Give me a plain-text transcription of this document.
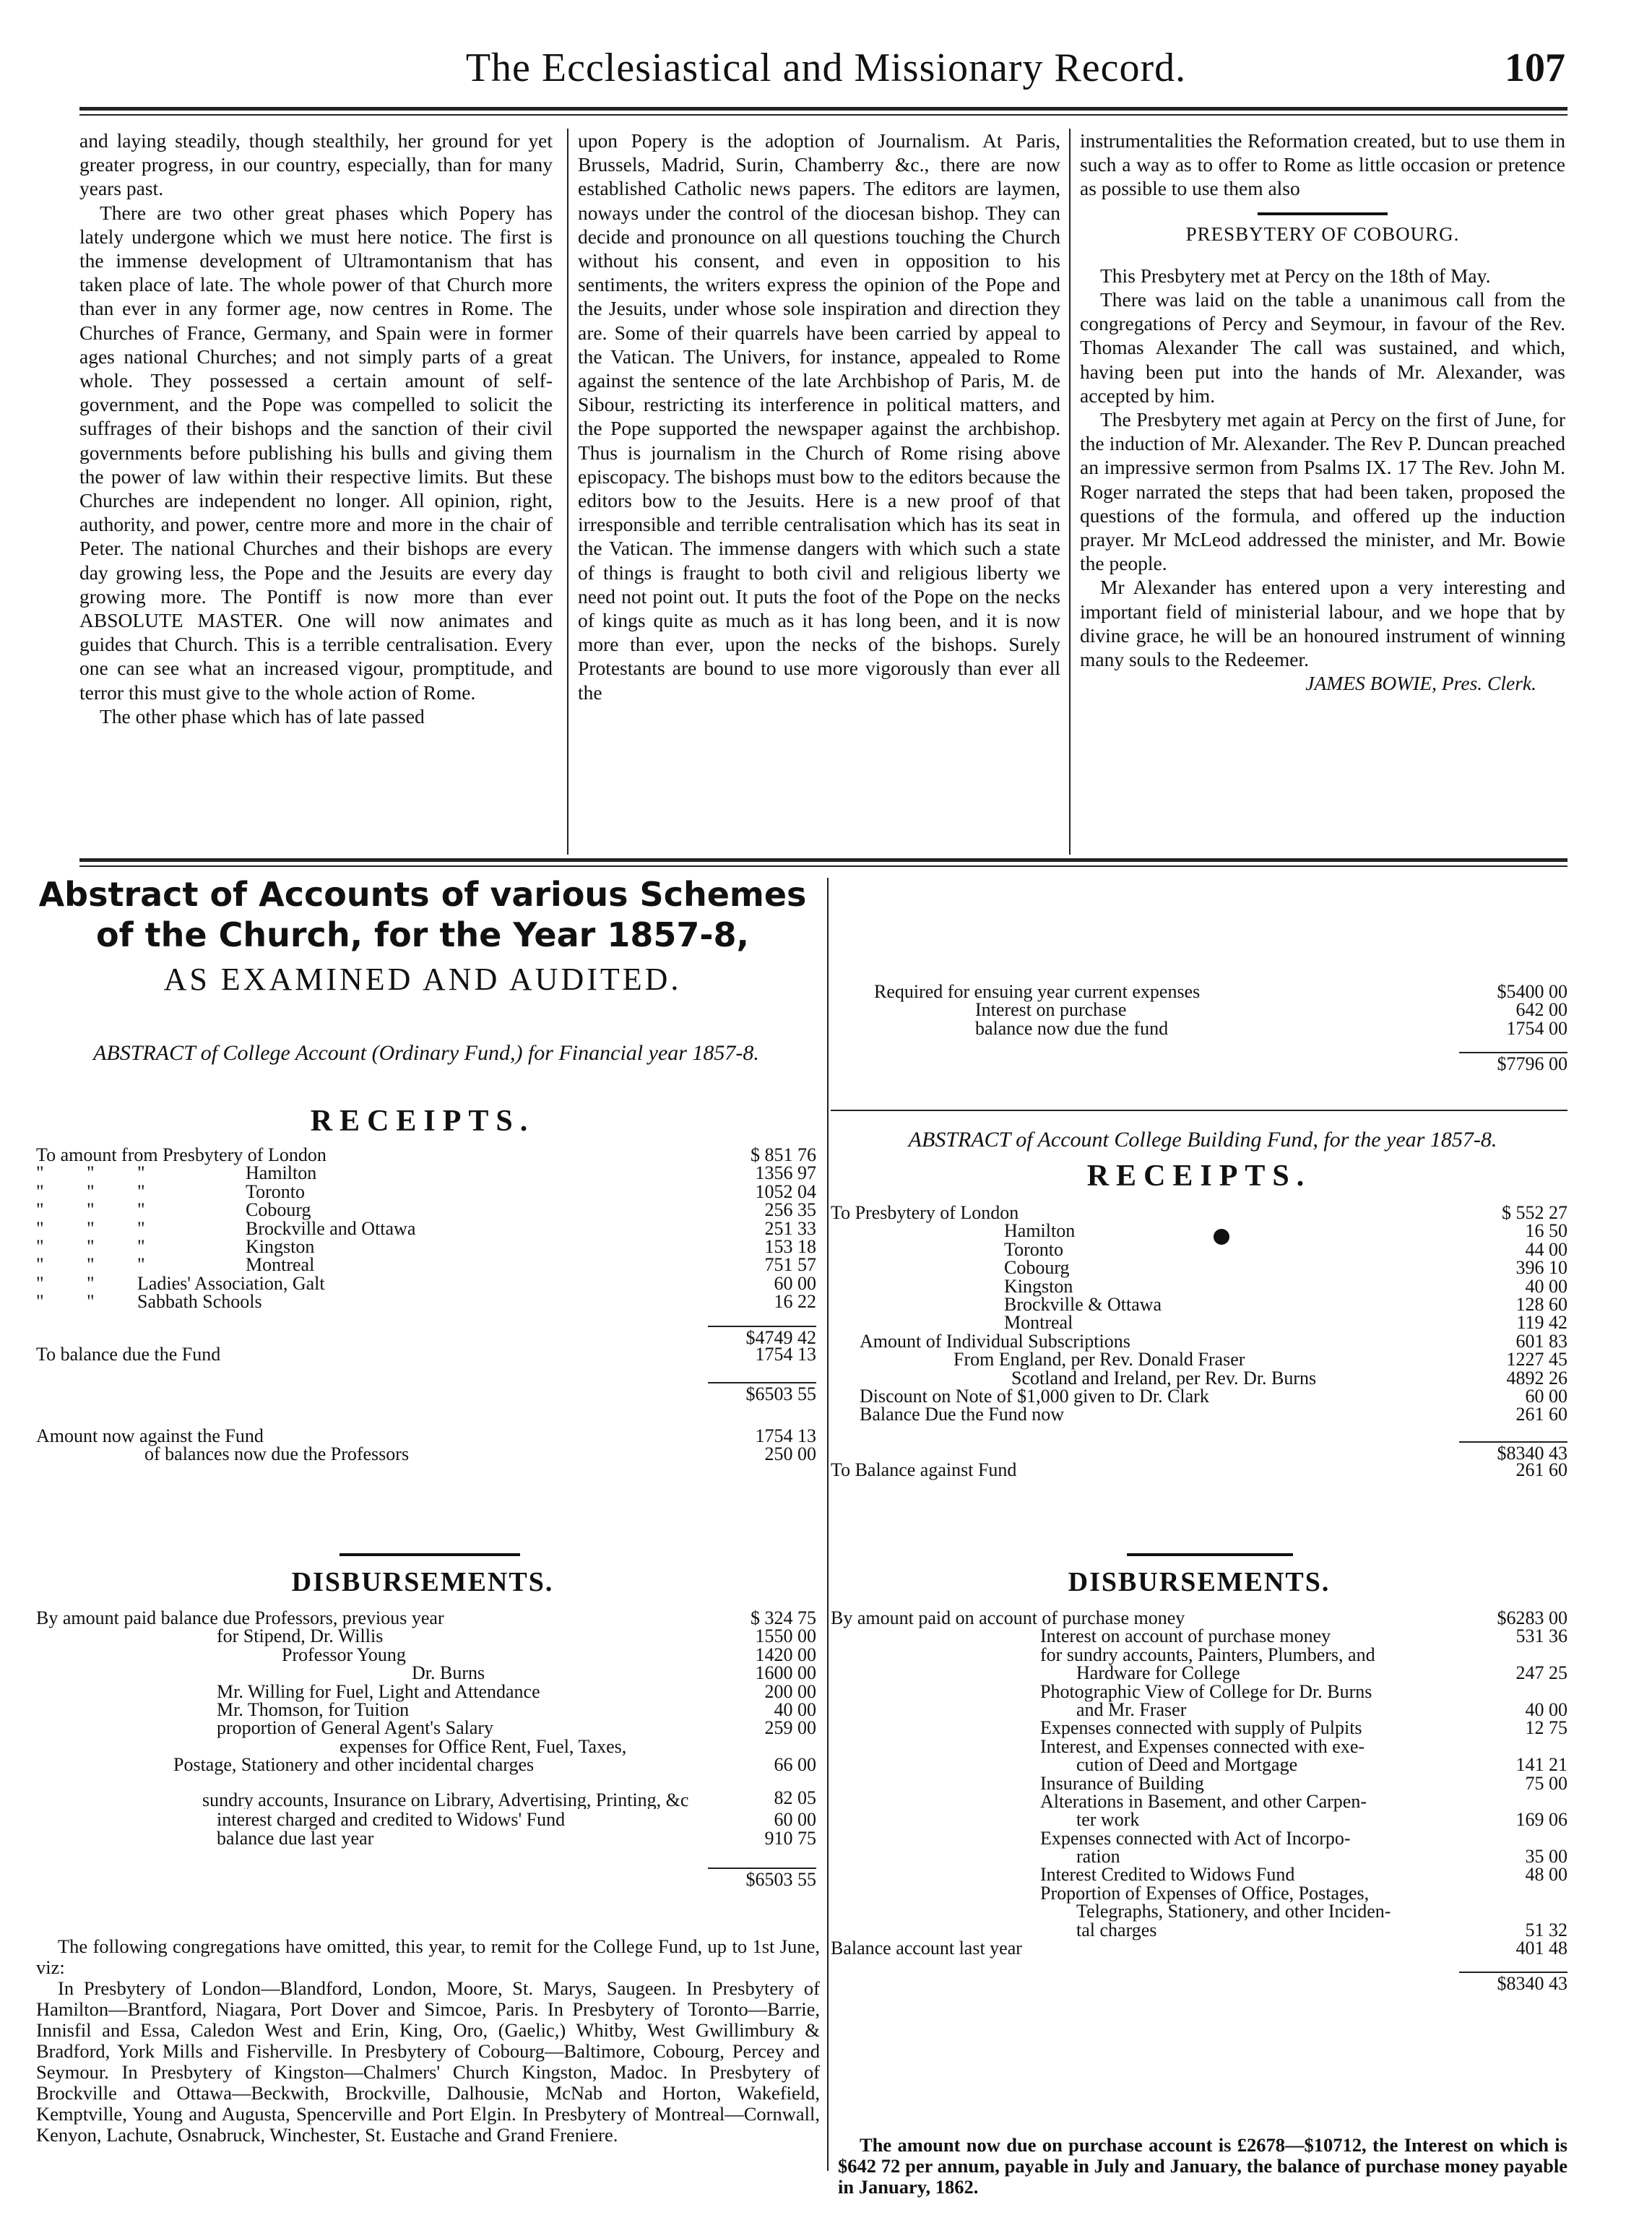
The Ecclesiastical and Missionary Record.	107

and laying steadily, though stealthily, her ground for yet greater progress, in our country, especially, than for many years past.

There are two other great phases which Popery has lately undergone which we must here notice. The first is the immense development of Ultramontanism that has taken place of late. The whole power of that Church more than ever in any former age, now centres in Rome. The Churches of France, Germany, and Spain were in former ages national Churches; and not simply parts of a great whole. They possessed a certain amount of self-government, and the Pope was compelled to solicit the suffrages of their bishops and the sanction of their civil governments before publishing his bulls and giving them the power of law within their respective limits. But these Churches are independent no longer. All opinion, right, authority, and power, centre more and more in the chair of Peter. The national Churches and their bishops are every day growing less, the Pope and the Jesuits are every day growing more. The Pontiff is now more than ever ABSOLUTE MASTER. One will now animates and guides that Church. This is a terrible centralisation. Every one can see what an increased vigour, promptitude, and terror this must give to the whole action of Rome.

The other phase which has of late passed

upon Popery is the adoption of Journalism. At Paris, Brussels, Madrid, Surin, Chamberry &c., there are now established Catholic news papers. The editors are laymen, noways under the control of the diocesan bishop. They can decide and pronounce on all questions touching the Church without his consent, and even in opposition to his sentiments, the writers express the opinion of the Pope and the Jesuits, under whose sole inspiration and direction they are. Some of their quarrels have been carried by appeal to the Vatican. The Univers, for instance, appealed to Rome against the sentence of the late Archbishop of Paris, M. de Sibour, restricting its interference in political matters, and the Pope supported the newspaper against the archbishop. Thus is journalism in the Church of Rome rising above episcopacy. The bishops must bow to the editors because the editors bow to the Jesuits. Here is a new proof of that irresponsible and terrible centralisation which has its seat in the Vatican. The immense dangers with which such a state of things is fraught to both civil and religious liberty we need not point out. It puts the foot of the Pope on the necks of kings quite as much as it has long been, and it is now more than ever, upon the necks of the bishops. Surely Protestants are bound to use more vigorously than ever all the

instrumentalities the Reformation created, but to use them in such a way as to offer to Rome as little occasion or pretence as possible to use them also

PRESBYTERY OF COBOURG.

This Presbytery met at Percy on the 18th of May.

There was laid on the table a unanimous call from the congregations of Percy and Seymour, in favour of the Rev. Thomas Alexander The call was sustained, and which, having been put into the hands of Mr. Alexander, was accepted by him.

The Presbytery met again at Percy on the first of June, for the induction of Mr. Alexander. The Rev P. Duncan preached an impressive sermon from Psalms IX. 17 The Rev. John M. Roger narrated the steps that had been taken, proposed the questions of the formula, and offered up the induction prayer. Mr McLeod addressed the minister, and Mr. Bowie the people.

Mr Alexander has entered upon a very interesting and important field of ministerial labour, and we hope that by divine grace, he will be an honoured instrument of winning many souls to the Redeemer.

JAMES BOWIE, Pres. Clerk.

Abstract of Accounts of various Schemes of the Church, for the Year 1857-8,
AS EXAMINED AND AUDITED.
ABSTRACT of College Account (Ordinary Fund,) for Financial year 1857-8.
RECEIPTS.
To amount from Presbytery of London	$ 851 76
" " "	Hamilton	1356 97
" " "	Toronto	1052 04
" " "	Cobourg	256 35
" " "	Brockville and Ottawa	251 33
" " "	Kingston	153 18
" " "	Montreal	751 57
" " Ladies' Association, Galt	60 00
" " Sabbath Schools	16 22
$4749 42
To balance due the Fund	1754 13
$6503 55
Amount now against the Fund	1754 13
of balances now due the Professors	250 00
DISBURSEMENTS.
By amount paid balance due Professors, previous year	$ 324 75
for Stipend, Dr. Willis	1550 00
Professor Young	1420 00
Dr. Burns	1600 00
Mr. Willing for Fuel, Light and Attendance	200 00
Mr. Thomson, for Tuition	40 00
proportion of General Agent's Salary	259 00
expenses for Office Rent, Fuel, Taxes,
Postage, Stationery and other incidental charges	66 00
sundry accounts, Insurance on Library, Advertising, Printing, &c	82 05
interest charged and credited to Widows' Fund	60 00
balance due last year	910 75
$6503 55

The following congregations have omitted, this year, to remit for the College Fund, up to 1st June, viz:

In Presbytery of London—Blandford, London, Moore, St. Marys, Saugeen. In Presbytery of Hamilton—Brantford, Niagara, Port Dover and Simcoe, Paris. In Presbytery of Toronto—Barrie, Innisfil and Essa, Caledon West and Erin, King, Oro, (Gaelic,) Whitby, West Gwillimbury & Bradford, York Mills and Fisherville. In Presbytery of Cobourg—Baltimore, Cobourg, Percey and Seymour. In Presbytery of Kingston—Chalmers' Church Kingston, Madoc. In Presbytery of Brockville and Ottawa—Beckwith, Brockville, Dalhousie, McNab and Horton, Wakefield, Kemptville, Young and Augusta, Spencerville and Port Elgin. In Presbytery of Montreal—Cornwall, Kenyon, Lachute, Osnabruck, Winchester, St. Eustache and Grand Freniere.

Required for ensuing year current expenses	$5400 00
Interest on purchase	642 00
balance now due the fund	1754 00
$7796 00
ABSTRACT of Account College Building Fund, for the year 1857-8.
RECEIPTS.
To Presbytery of London	$ 552 27
Hamilton	16 50
Toronto	44 00
Cobourg	396 10
Kingston	40 00
Brockville & Ottawa	128 60
Montreal	119 42
Amount of Individual Subscriptions	601 83
From England, per Rev. Donald Fraser	1227 45
Scotland and Ireland, per Rev. Dr. Burns	4892 26
Discount on Note of $1,000 given to Dr. Clark	60 00
Balance Due the Fund now	261 60
$8340 43
To Balance against Fund	261 60
DISBURSEMENTS.
By amount paid on account of purchase money	$6283 00
Interest on account of purchase money	531 36
for sundry accounts, Painters, Plumbers, and
Hardware for College	247 25
Photographic View of College for Dr. Burns
and Mr. Fraser	40 00
Expenses connected with supply of Pulpits	12 75
Interest, and Expenses connected with exe-
cution of Deed and Mortgage	141 21
Insurance of Building	75 00
Alterations in Basement, and other Carpen-
ter work	169 06
Expenses connected with Act of Incorpo-
ration	35 00
Interest Credited to Widows Fund	48 00
Proportion of Expenses of Office, Postages,
Telegraphs, Stationery, and other Inciden-
tal charges	51 32
Balance account last year	401 48
$8340 43

The amount now due on purchase account is £2678—$10712, the Interest on which is $642 72 per annum, payable in July and January, the balance of purchase money payable in January, 1862.
